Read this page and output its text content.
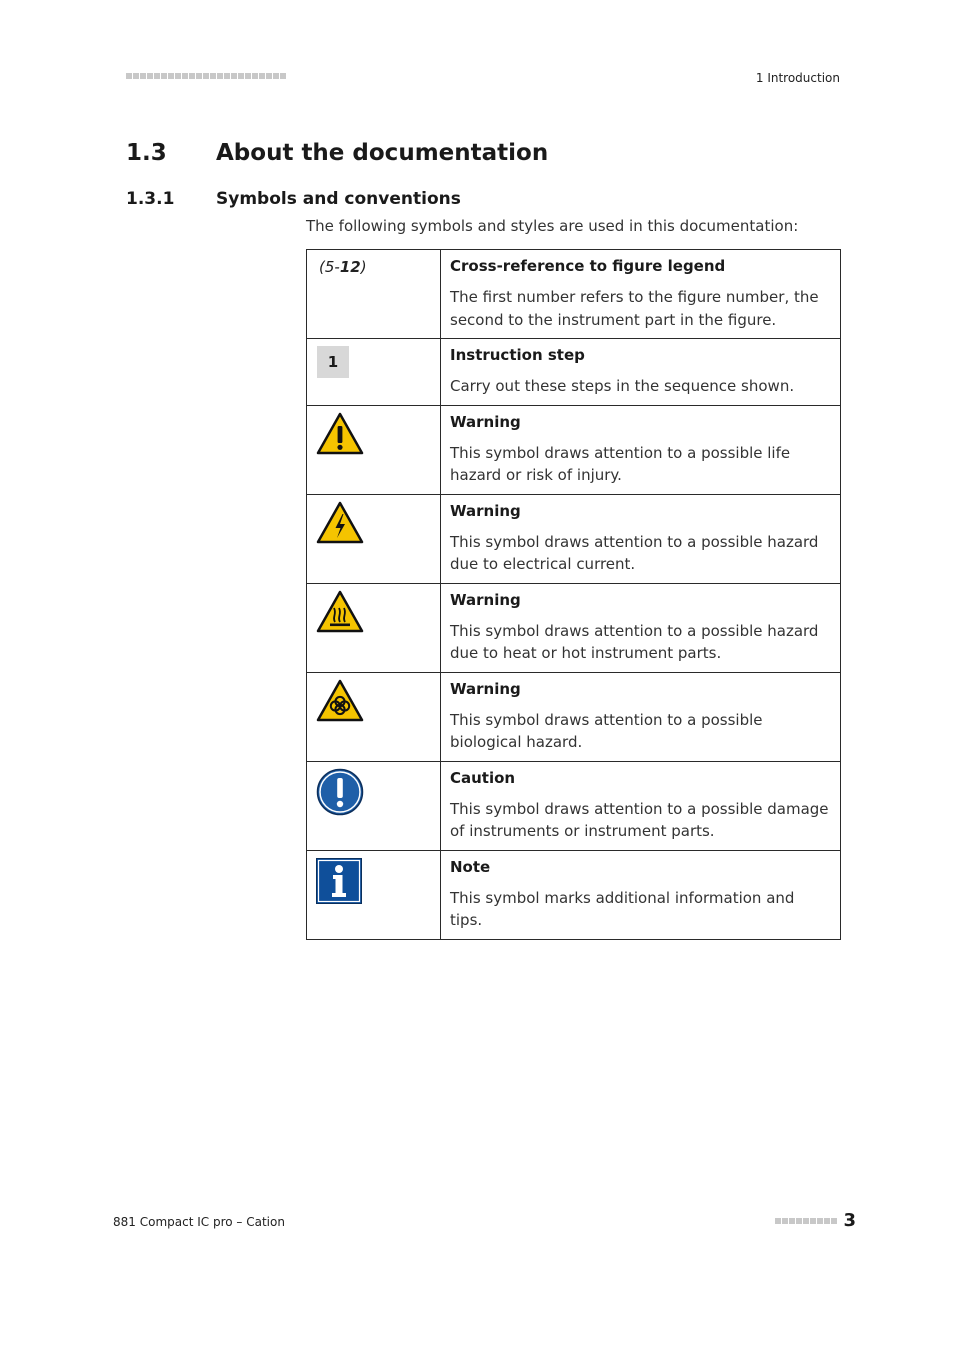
1 Introduction
1.3 About the documentation
1.3.1 Symbols and conventions
The following symbols and styles are used in this documentation:
(5-12)	Cross-reference to figure legend
The first number refers to the figure number, the second to the instrument part in the figure.

1	Instruction step
Carry out these steps in the sequence shown.

Warning
This symbol draws attention to a possible life hazard or risk of injury.

Warning
This symbol draws attention to a possible hazard due to electrical current.

Warning
This symbol draws attention to a possible hazard due to heat or hot instrument parts.

Warning
This symbol draws attention to a possible biological hazard.

Caution
This symbol draws attention to a possible damage of instruments or instrument parts.

Note
This symbol marks additional information and tips.
881 Compact IC pro – Cation	3
